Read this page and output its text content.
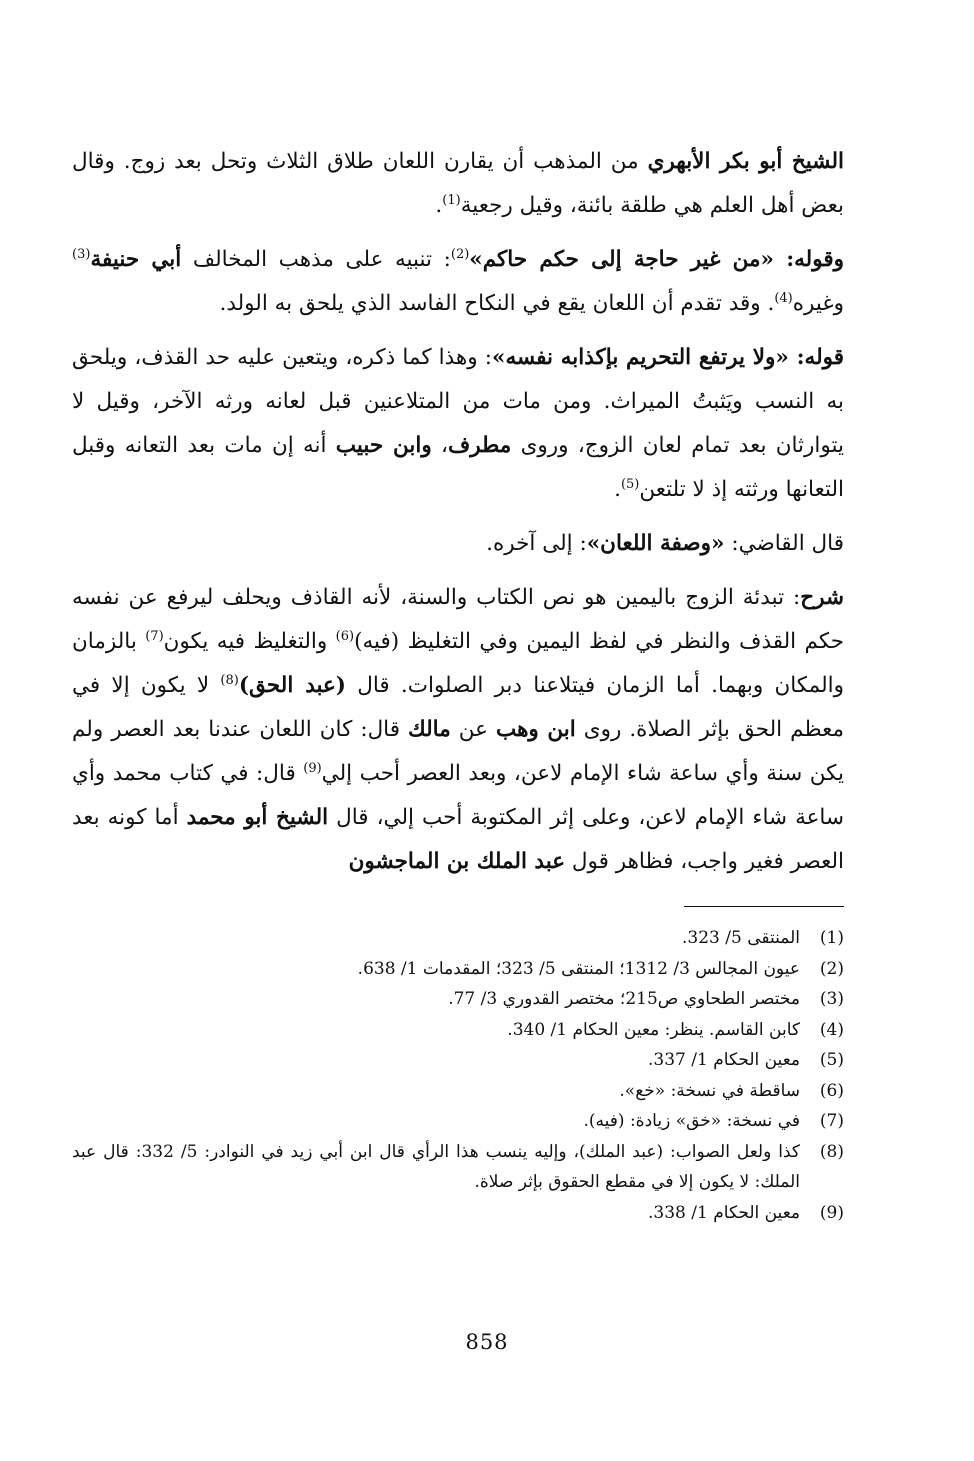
الشيخ أبو بكر الأبهري من المذهب أن يقارن اللعان طلاق الثلاث وتحل بعد زوج. وقال بعض أهل العلم هي طلقة بائنة، وقيل رجعية$^{(1)}$.

وقوله: «من غير حاجة إلى حكم حاكم»$^{(2)}$: تنبيه على مذهب المخالف أبي حنيفة$^{(3)}$ وغيره$^{(4)}$. وقد تقدم أن اللعان يقع في النكاح الفاسد الذي يلحق به الولد.

قوله: «ولا يرتفع التحريم بإكذابه نفسه»: وهذا كما ذكره، ويتعين عليه حد القذف، ويلحق به النسب ويَثبتُ الميراث. ومن مات من المتلاعنين قبل لعانه ورثه الآخر، وقيل لا يتوارثان بعد تمام لعان الزوج، وروى مطرف، وابن حبيب أنه إن مات بعد التعانه وقبل التعانها ورثته إذ لا تلتعن$^{(5)}$.

قال القاضي: «وصفة اللعان»: إلى آخره.

شرح: تبدئة الزوج باليمين هو نص الكتاب والسنة، لأنه القاذف ويحلف ليرفع عن نفسه حكم القذف والنظر في لفظ اليمين وفي التغليظ (فيه)$^{(6)}$ والتغليظ فيه يكون$^{(7)}$ بالزمان والمكان وبهما. أما الزمان فيتلاعنا دبر الصلوات. قال (عبد الحق)$^{(8)}$ لا يكون إلا في معظم الحق بإثر الصلاة. روى ابن وهب عن مالك قال: كان اللعان عندنا بعد العصر ولم يكن سنة وأي ساعة شاء الإمام لاعن، وبعد العصر أحب إلي$^{(9)}$ قال: في كتاب محمد وأي ساعة شاء الإمام لاعن، وعلى إثر المكتوبة أحب إلي، قال الشيخ أبو محمد أما كونه بعد العصر فغير واجب، فظاهر قول عبد الملك بن الماجشون

(1)
المنتقى 5/ 323.
(2)
عيون المجالس 3/ 1312؛ المنتقى 5/ 323؛ المقدمات 1/ 638.
(3)
مختصر الطحاوي ص215؛ مختصر القدوري 3/ 77.
(4)
كابن القاسم. ينظر: معين الحكام 1/ 340.
(5)
معين الحكام 1/ 337.
(6)
ساقطة في نسخة: «خع».
(7)
في نسخة: «خق» زيادة: (فيه).
(8)
كذا ولعل الصواب: (عبد الملك)، وإليه ينسب هذا الرأي قال ابن أبي زيد في النوادر: 5/ 332: قال عبد الملك: لا يكون إلا في مقطع الحقوق بإثر صلاة.
(9)
معين الحكام 1/ 338.
858
